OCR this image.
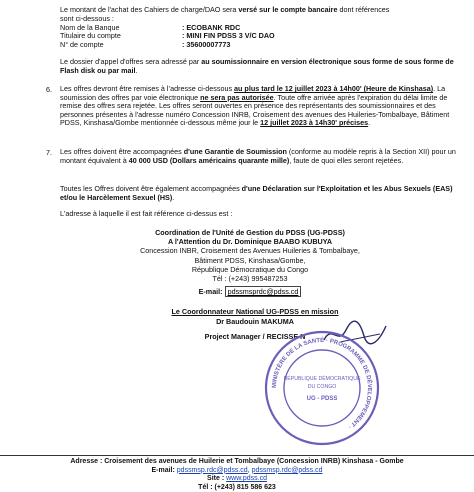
Le montant de l'achat des Cahiers de charge/DAO sera versé sur le compte bancaire dont références
sont ci-dessous :

Nom de la Banque	: ECOBANK RDC
Titulaire du compte	: MINI FIN PDSS 3 V/C DAO
N° de compte	: 35600007773

Le dossier d'appel d'offres sera adressé par au soumissionnaire en version électronique sous forme de sous forme de Flash disk ou par mail.

6. Les offres devront être remises à l’adresse ci-dessous au plus tard le 12 juillet 2023 à 14h00' (Heure de Kinshasa). La soumission des offres par voie électronique ne sera pas autorisée. Toute offre arrivée après l'expiration du délai limite de remise des offres sera rejetée. Les offres seront ouvertes en présence des représentants des soumissionnaires et des personnes présentes à l'adresse numéro Concession INRB, Croisement des avenues des Huileries-Tombalbaye, Bâtiment PDSS, Kinshasa/Gombe mentionnée ci-dessous même jour le 12 juillet 2023 à 14h30' précises.

7. Les offres doivent être accompagnées d'une Garantie de Soumission (conforme au modèle repris à la Section XII) pour un montant équivalent à 40 000 USD (Dollars américains quarante mille), faute de quoi elles seront rejetées.

Toutes les Offres doivent être également accompagnées d'une Déclaration sur l'Exploitation et les Abus Sexuels (EAS) et/ou le Harcèlement Sexuel (HS).

L'adresse à laquelle il est fait référence ci-dessus est :

Coordination de l'Unité de Gestion du PDSS (UG-PDSS)
A l'Attention du Dr. Dominique BAABO KUBUYA
Concession INBR, Croisement des Avenues Huileries & Tombalbaye,
Bâtiment PDSS, Kinshasa/Gombe,
République Démocratique du Congo
Tél : (+243) 995487253
E-mail: pdssmsprdc@pdss.cd
Le Coordonnateur National UG-PDSS en mission
Dr Baudouin MAKUMA
Project Manager / RECISSE N
MINISTÈRE DE LA SANTÉ · PROGRAMME DE DÉVELOPPEMENT ·
RÉPUBLIQUE DÉMOCRATIQUE
DU CONGO
UG - PDSS
Adresse : Croisement des avenues de Huilerie et Tombalbaye (Concession INRB) Kinshasa - Gombe
E-mail: pdssmsp.rdc@pdss.cd, pdssmsp.rdc@pdss.cd
Site : www.pdss.cd
Tél : (+243) 815 586 623
